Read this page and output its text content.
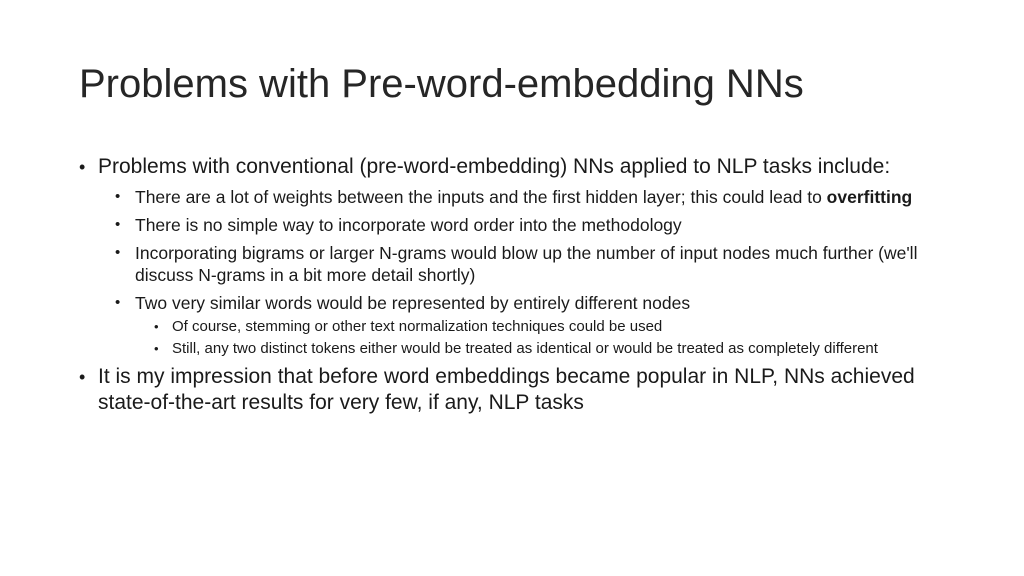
Problems with Pre-word-embedding NNs
• Problems with conventional (pre-word-embedding) NNs applied to NLP tasks include:
• There are a lot of weights between the inputs and the first hidden layer; this could lead to overfitting
• There is no simple way to incorporate word order into the methodology
• Incorporating bigrams or larger N-grams would blow up the number of input nodes much further (we'll discuss N-grams in a bit more detail shortly)
• Two very similar words would be represented by entirely different nodes
• Of course, stemming or other text normalization techniques could be used
• Still, any two distinct tokens either would be treated as identical or would be treated as completely different
• It is my impression that before word embeddings became popular in NLP, NNs achieved state-of-the-art results for very few, if any, NLP tasks
